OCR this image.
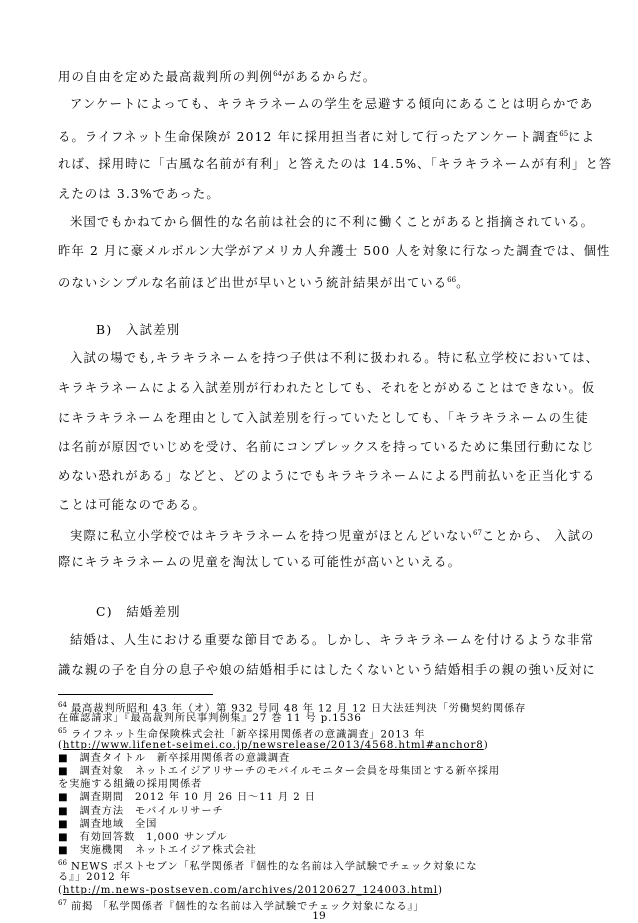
用の自由を定めた最高裁判所の判例$^{64}$があるからだ。
アンケートによっても、キラキラネームの学生を忌避する傾向にあることは明らかであ
る。ライフネット生命保険が 2012 年に採用担当者に対して行ったアンケート調査$^{65}$によ
れば、採用時に「古風な名前が有利」と答えたのは 14.5%、「キラキラネームが有利」と答
えたのは 3.3%であった。
米国でもかねてから個性的な名前は社会的に不利に働くことがあると指摘されている。
昨年 2 月に豪メルボルン大学がアメリカ人弁護士 500 人を対象に行なった調査では、個性
のないシンプルな名前ほど出世が早いという統計結果が出ている$^{66}$。
B)　入試差別
入試の場でも,キラキラネームを持つ子供は不利に扱われる。特に私立学校においては、
キラキラネームによる入試差別が行われたとしても、それをとがめることはできない。仮
にキラキラネームを理由として入試差別を行っていたとしても、「キラキラネームの生徒
は名前が原因でいじめを受け、名前にコンプレックスを持っているために集団行動になじ
めない恐れがある」などと、どのようにでもキラキラネームによる門前払いを正当化する
ことは可能なのである。
実際に私立小学校ではキラキラネームを持つ児童がほとんどいない$^{67}$ことから、 入試の
際にキラキラネームの児童を淘汰している可能性が高いといえる。
C)　結婚差別
結婚は、人生における重要な節目である。しかし、キラキラネームを付けるような非常
識な親の子を自分の息子や娘の結婚相手にはしたくないという結婚相手の親の強い反対に
$^{64}$ 最高裁判所昭和 43 年（オ）第 932 号同 48 年 12 月 12 日大法廷判決「労働契約関係存
在確認請求」『最高裁判所民事判例集』27 巻 11 号 p.1536
$^{65}$ ライフネット生命保険株式会社「新卒採用関係者の意識調査」2013 年
(http://www.lifenet-seimei.co.jp/newsrelease/2013/4568.html#anchor8)
■　調査タイトル　新卒採用関係者の意識調査
■　調査対象　ネットエイジアリサーチのモバイルモニター会員を母集団とする新卒採用
を実施する組織の採用関係者
■　調査期間　2012 年 10 月 26 日～11 月 2 日
■　調査方法　モバイルリサーチ
■　調査地域　全国
■　有効回答数　1,000 サンプル
■　実施機関　ネットエイジア株式会社
$^{66}$ NEWS ポストセブン「私学関係者『個性的な名前は入学試験でチェック対象にな
る』」2012 年
(http://m.news-postseven.com/archives/20120627_124003.html)
$^{67}$ 前掲 「私学関係者『個性的な名前は入学試験でチェック対象になる』」
19
